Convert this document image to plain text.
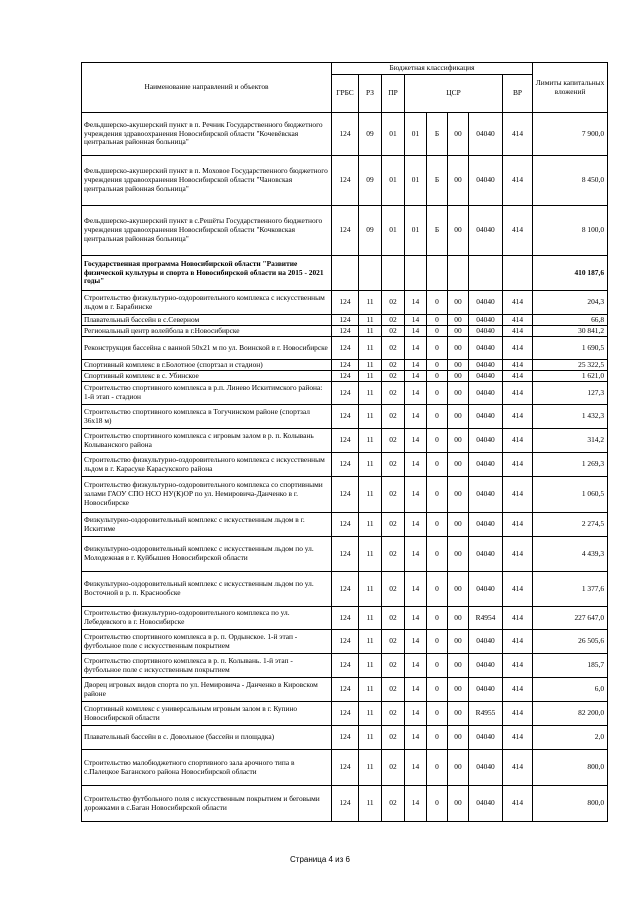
Наименование направлений и объектов	Бюджетная классификация								Лимиты капитальных вложений
	ГРБС	РЗ	ПР	ЦСР				ВР	
Фельдшерско-акушерский пункт в п. Речник Государственного бюджетного учреждения здравоохранения Новосибирской области "Кочевёвская центральная районная больница"	124	09	01	01	Б	00	04040	414	7 900,0
Фельдшерско-акушерский пункт в п. Моховое Государственного бюджетного учреждения здравоохранения Новосибирской области "Чановская центральная районная больница"	124	09	01	01	Б	00	04040	414	8 450,0
Фельдшерско-акушерский пункт в с.Решёты Государственного бюджетного учреждения здравоохранения Новосибирской области "Кочковская центральная районная больница"	124	09	01	01	Б	00	04040	414	8 100,0
Государственная программа Новосибирской области "Развитие физической культуры и спорта в Новосибирской области на 2015 - 2021 годы"									410 187,6
Строительство физкультурно-оздоровительного комплекса с искусственным льдом в г. Барабинске	124	11	02	14	0	00	04040	414	204,3
Плавательный бассейн в с.Северном	124	11	02	14	0	00	04040	414	66,8
Региональный центр волейбола в г.Новосибирске	124	11	02	14	0	00	04040	414	30 841,2
Реконструкция бассейна с ванной 50х21 м по ул. Воинской в г. Новосибирске	124	11	02	14	0	00	04040	414	1 690,5
Спортивный комплекс в г.Болотное (спортзал и стадион)	124	11	02	14	0	00	04040	414	25 322,5
Спортивный комплекс в с. Убинское	124	11	02	14	0	00	04040	414	1 621,0
Строительство спортивного комплекса в р.п. Линево Искитимского района: 1-й этап - стадион	124	11	02	14	0	00	04040	414	127,3
Строительство спортивного комплекса в Тогучинском районе (спортзал 36х18 м)	124	11	02	14	0	00	04040	414	1 432,3
Строительство спортивного комплекса с игровым залом в р. п. Колывань Колыванского района	124	11	02	14	0	00	04040	414	314,2
Строительство физкультурно-оздоровительного комплекса с искусственным льдом в г. Карасуке Карасукского района	124	11	02	14	0	00	04040	414	1 269,3
Строительство физкультурно-оздоровительного комплекса со спортивными залами ГАОУ СПО НСО НУ(К)ОР по ул. Немировича-Данченко в г. Новосибирске	124	11	02	14	0	00	04040	414	1 060,5
Физкультурно-оздоровительный комплекс с искусственным льдом в г. Искитиме	124	11	02	14	0	00	04040	414	2 274,5
Физкультурно-оздоровительный комплекс с искусственным льдом по ул. Молодежная в г. Куйбышев Новосибирской области	124	11	02	14	0	00	04040	414	4 439,3
Физкультурно-оздоровительный комплекс с искусственным льдом по ул. Восточной в р. п. Краснообске	124	11	02	14	0	00	04040	414	1 377,6
Строительство физкультурно-оздоровительного комплекса по ул. Лебедевского в г. Новосибирске	124	11	02	14	0	00	R4954	414	227 647,0
Строительство спортивного комплекса в р. п. Ордынское. 1-й этап - футбольное поле с искусственным покрытием	124	11	02	14	0	00	04040	414	26 505,6
Строительство спортивного комплекса в р. п. Колывань. 1-й этап - футбольное поле с искусственным покрытием	124	11	02	14	0	00	04040	414	185,7
Дворец игровых видов спорта по ул. Немировича - Данченко в Кировском районе	124	11	02	14	0	00	04040	414	6,0
Спортивный комплекс с универсальным игровым залом в г. Купино Новосибирской области	124	11	02	14	0	00	R4955	414	82 200,0
Плавательный бассейн в с. Довольное (бассейн и площадка)	124	11	02	14	0	00	04040	414	2,0
Строительство малобюджетного спортивного зала арочного типа в с.Палецкое Баганского района Новосибирской области	124	11	02	14	0	00	04040	414	800,0
Строительство футбольного поля с искусственным покрытием и беговыми дорожками в с.Баган Новосибирской области	124	11	02	14	0	00	04040	414	800,0
Страница 4 из 6
